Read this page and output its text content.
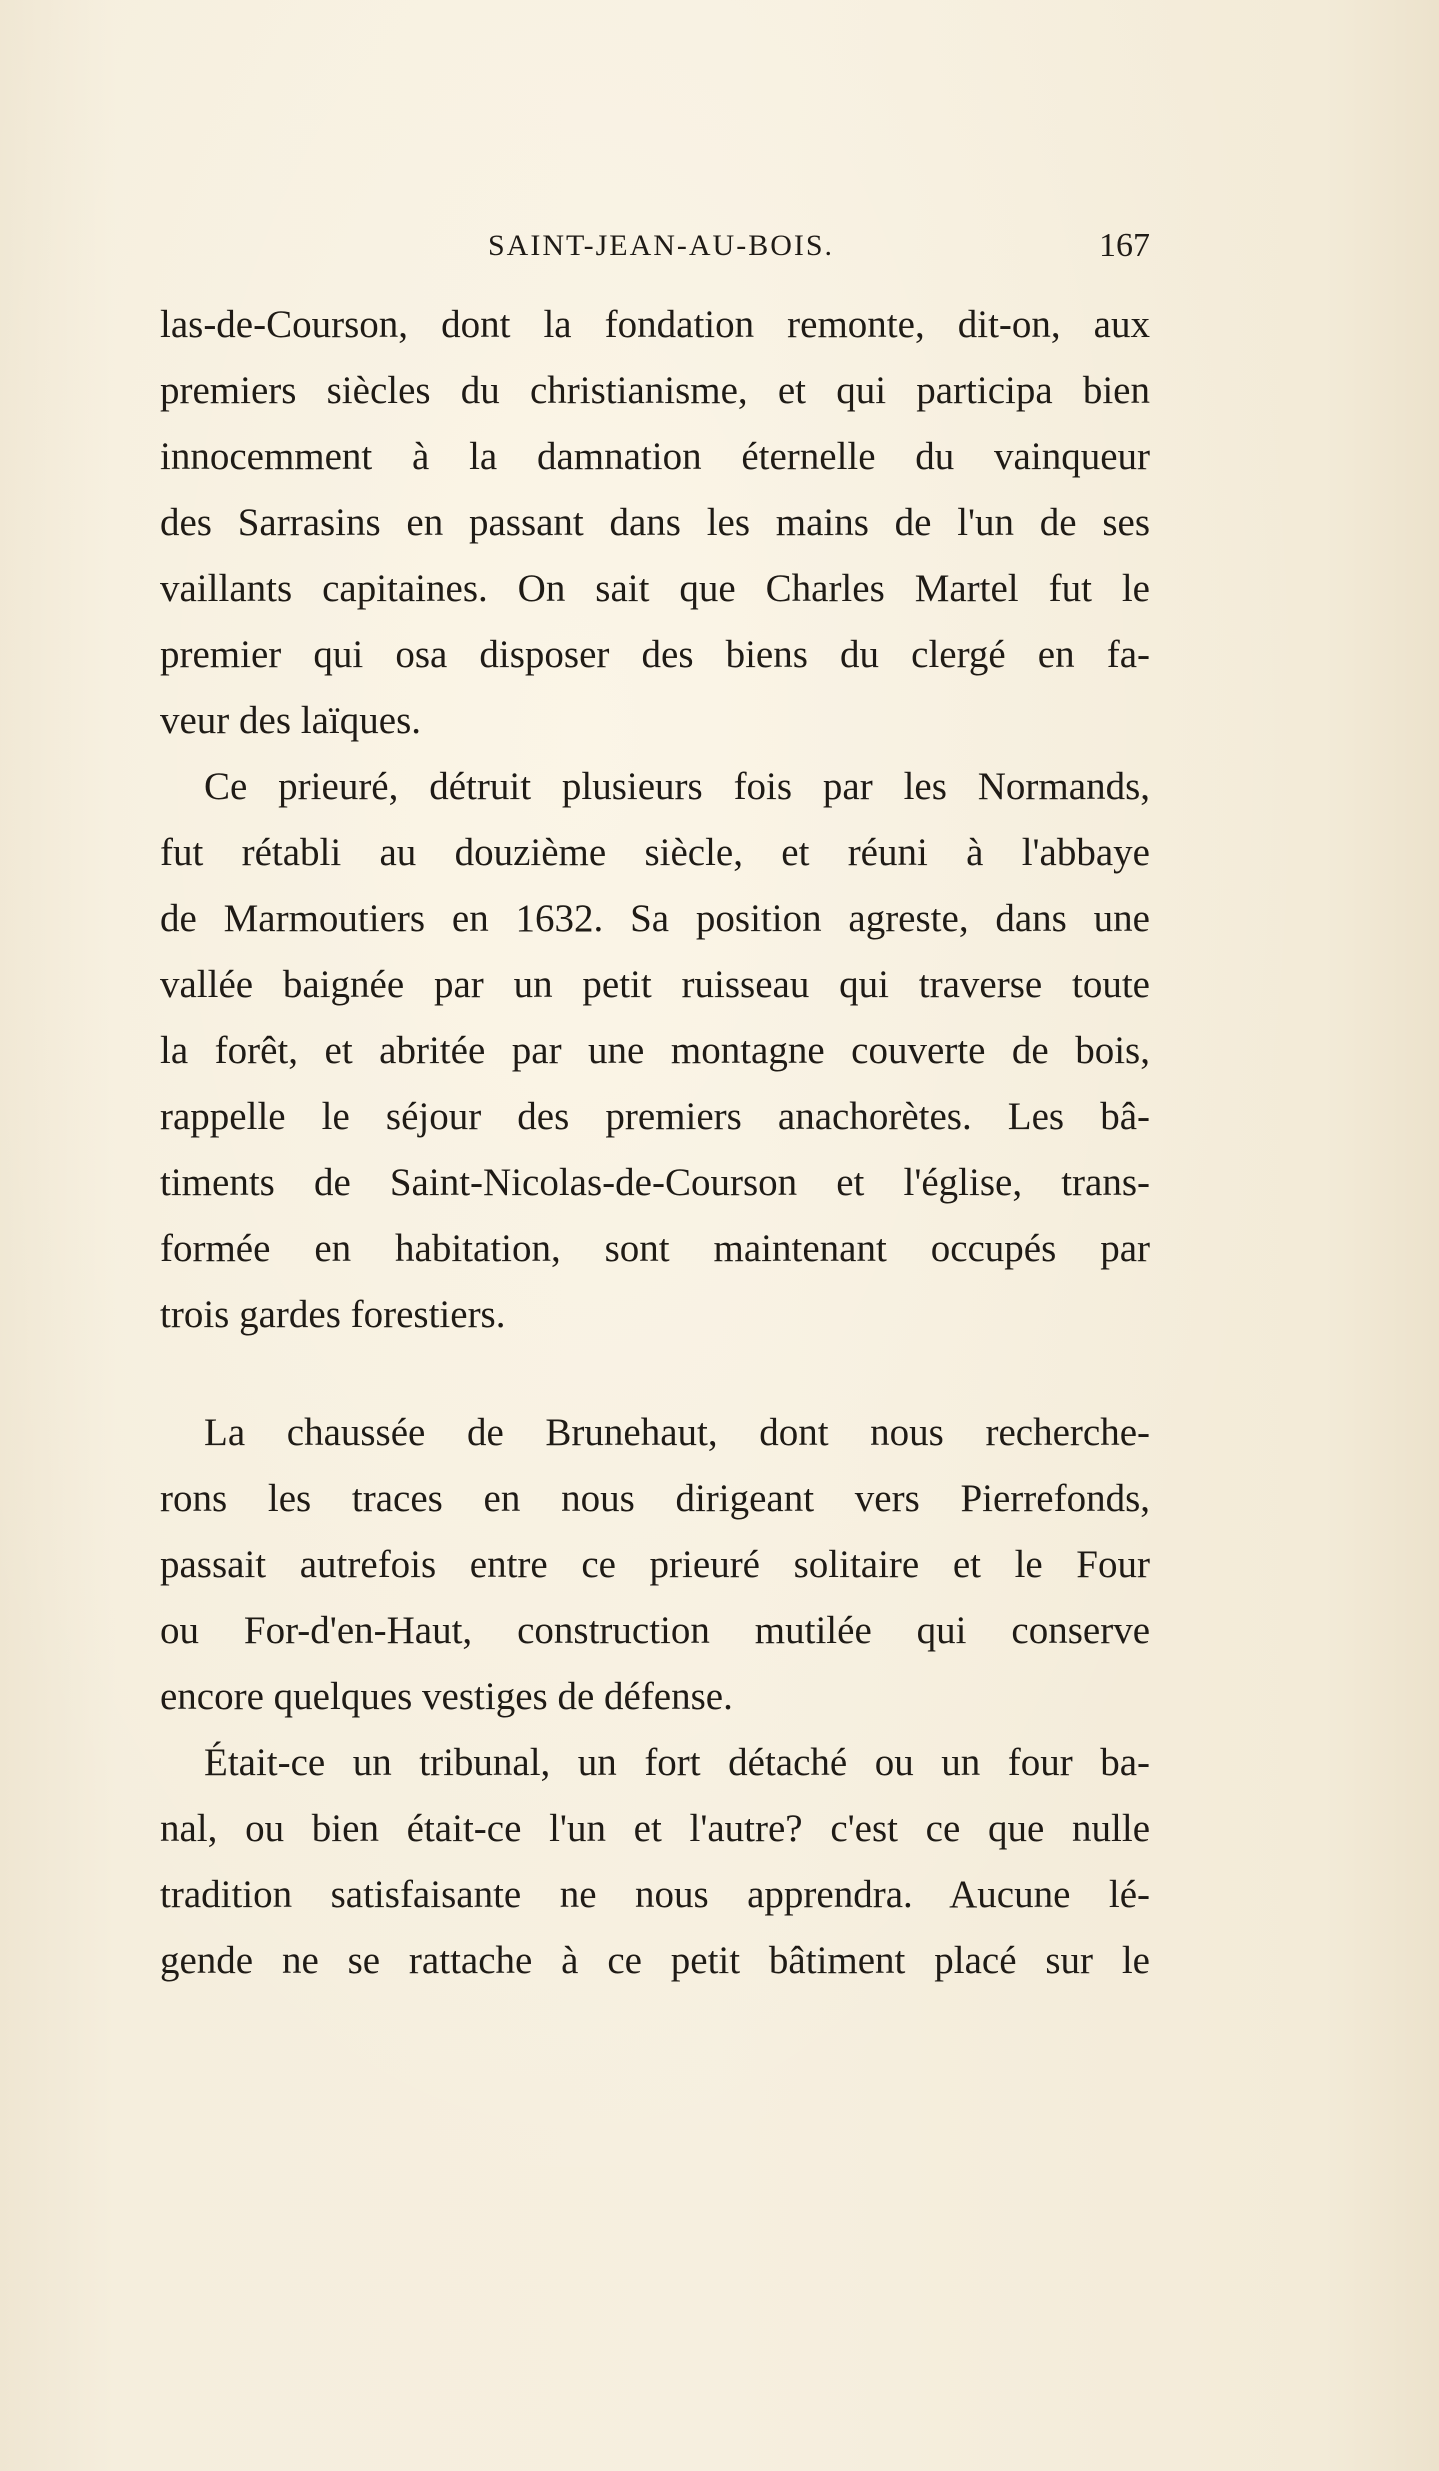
SAINT-JEAN-AU-BOIS.	167
las-de-Courson, dont la fondation remonte, dit-on, aux
premiers siècles du christianisme, et qui participa bien
innocemment à la damnation éternelle du vainqueur
des Sarrasins en passant dans les mains de l'un de ses
vaillants capitaines. On sait que Charles Martel fut le
premier qui osa disposer des biens du clergé en fa-
veur des laïques.
Ce prieuré, détruit plusieurs fois par les Normands,
fut rétabli au douzième siècle, et réuni à l'abbaye
de Marmoutiers en 1632. Sa position agreste, dans une
vallée baignée par un petit ruisseau qui traverse toute
la forêt, et abritée par une montagne couverte de bois,
rappelle le séjour des premiers anachorètes. Les bâ-
timents de Saint-Nicolas-de-Courson et l'église, trans-
formée en habitation, sont maintenant occupés par
trois gardes forestiers.
La chaussée de Brunehaut, dont nous recherche-
rons les traces en nous dirigeant vers Pierrefonds,
passait autrefois entre ce prieuré solitaire et le Four
ou For-d'en-Haut, construction mutilée qui conserve
encore quelques vestiges de défense.
Était-ce un tribunal, un fort détaché ou un four ba-
nal, ou bien était-ce l'un et l'autre? c'est ce que nulle
tradition satisfaisante ne nous apprendra. Aucune lé-
gende ne se rattache à ce petit bâtiment placé sur le
